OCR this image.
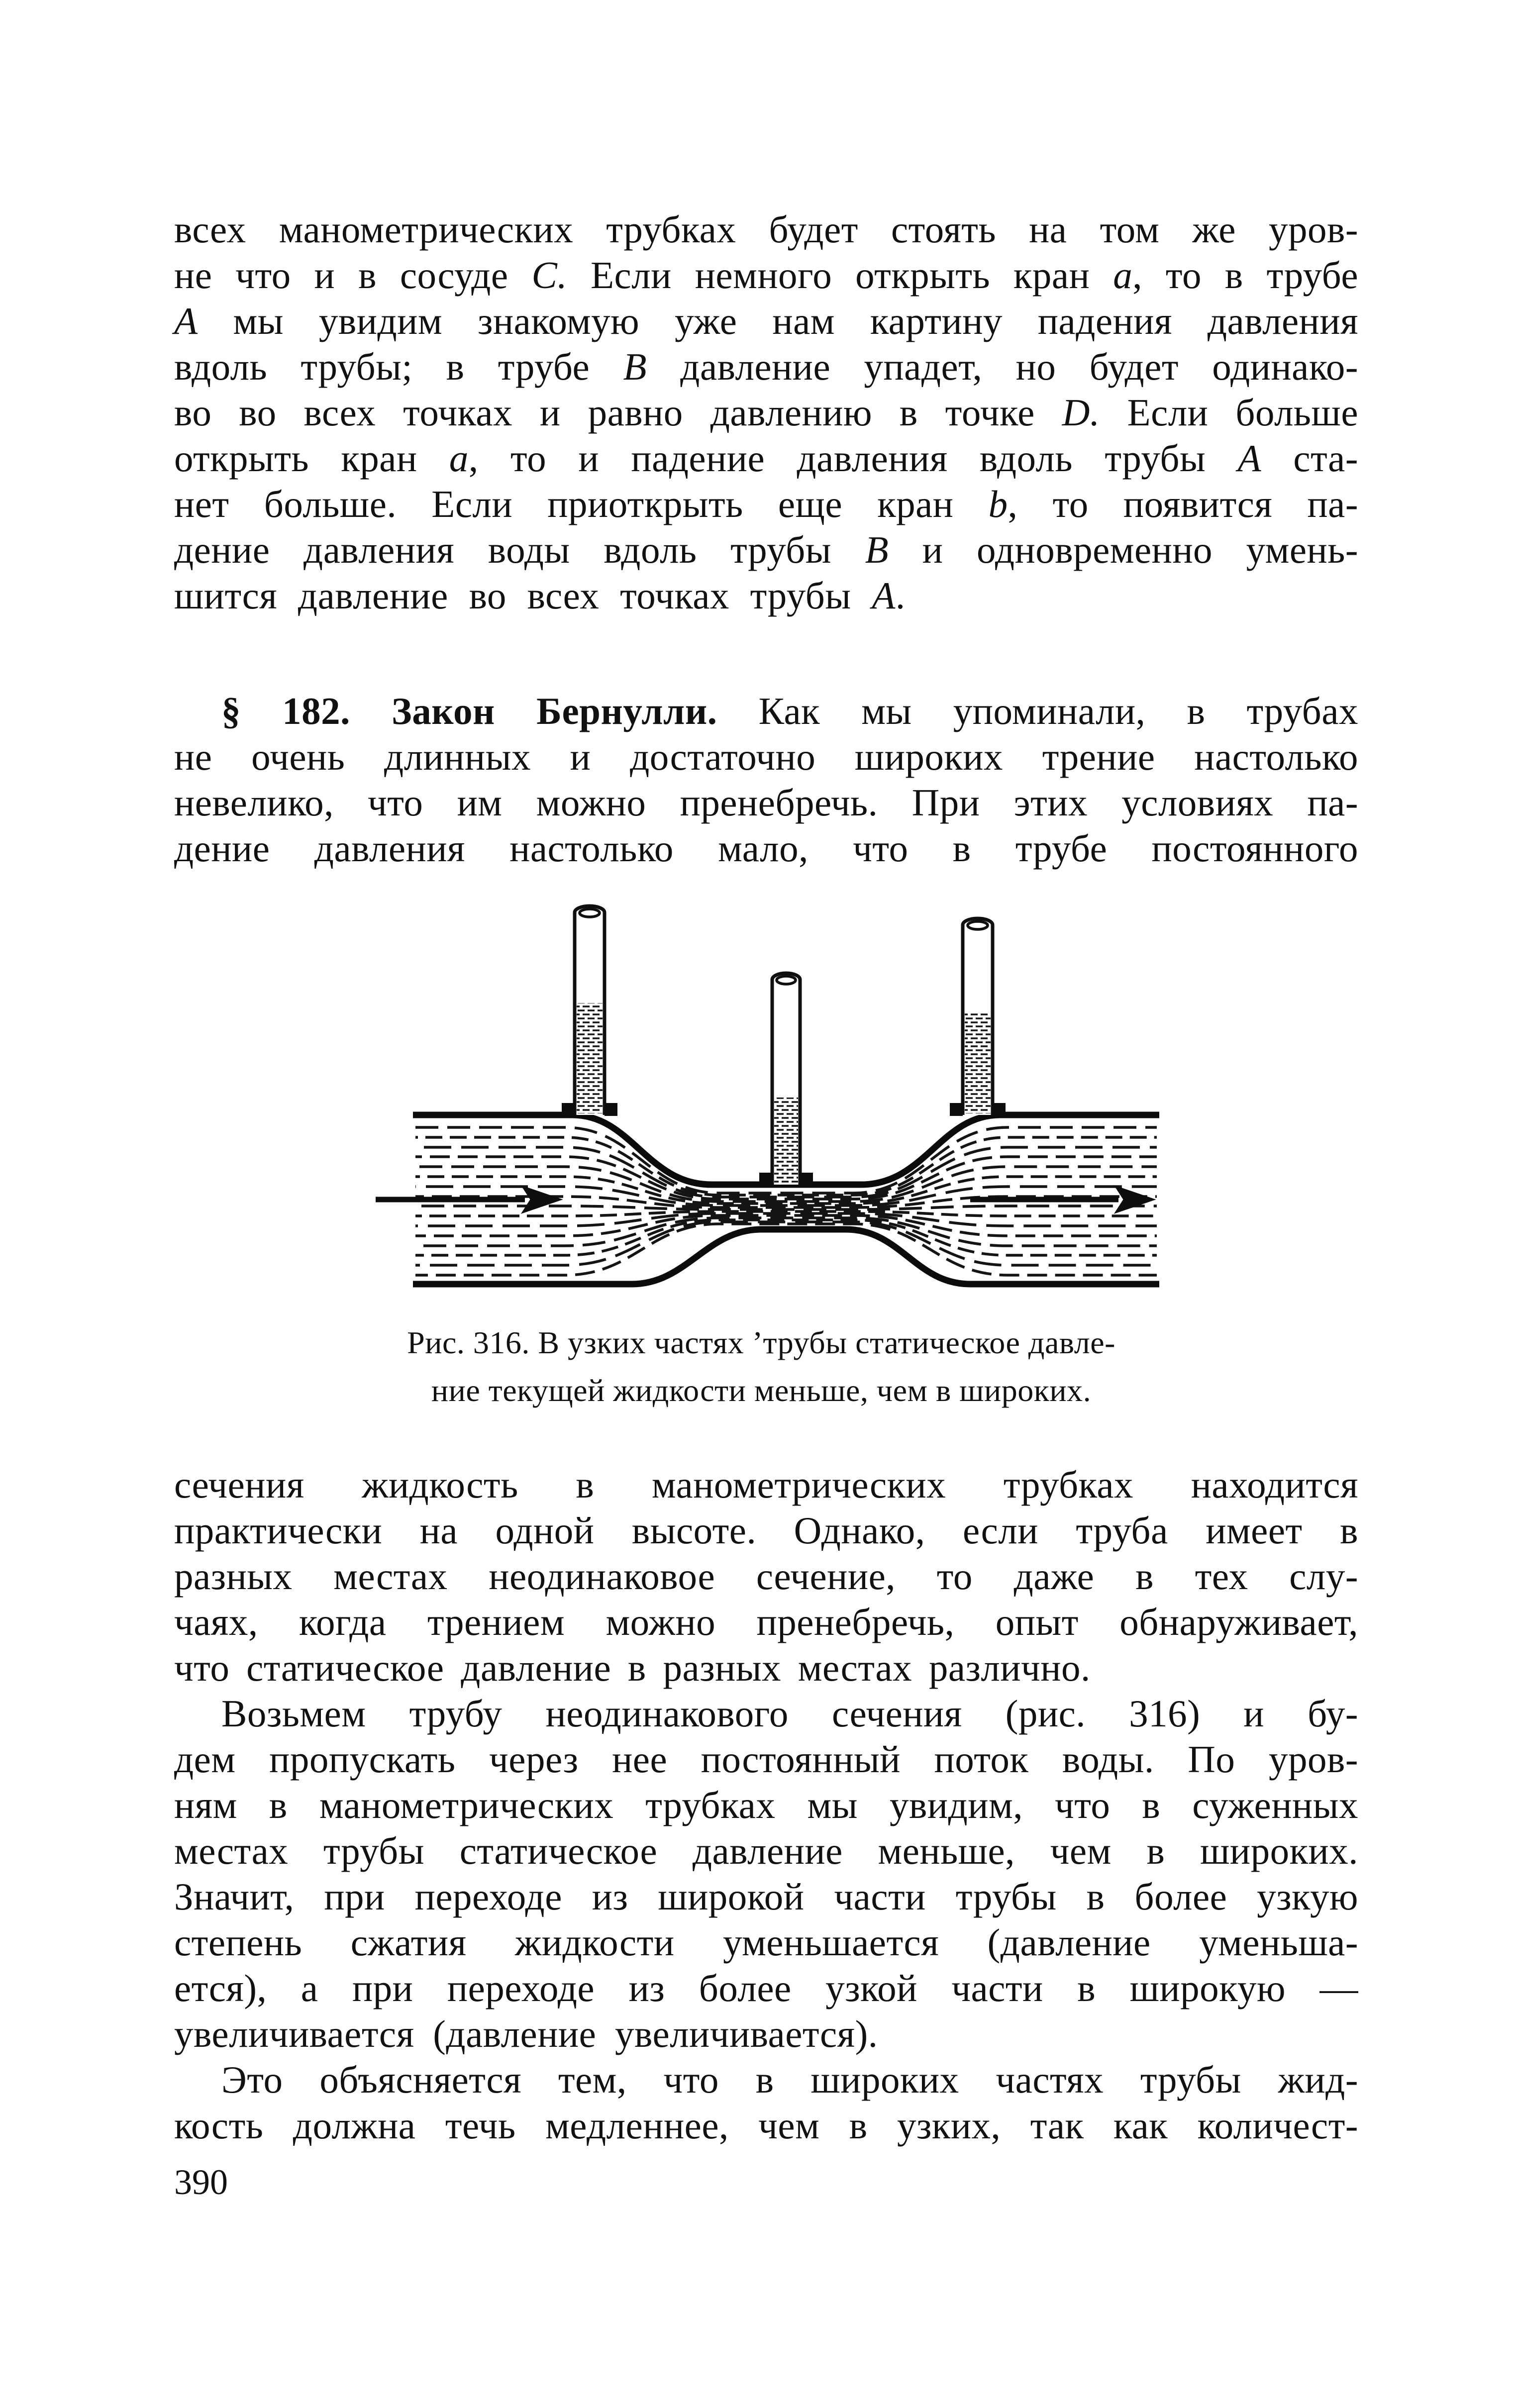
всех манометрических трубках будет стоять на том же уров-
не что и в сосуде C. Если немного открыть кран a, то в трубе
A мы увидим знакомую уже нам картину падения давления
вдоль трубы; в трубе B давление упадет, но будет одинако-
во во всех точках и равно давлению в точке D. Если больше
открыть кран a, то и падение давления вдоль трубы A ста-
нет больше. Если приоткрыть еще кран b, то появится па-
дение давления воды вдоль трубы B и одновременно умень-
шится давление во всех точках трубы A.
§ 182. Закон Бернулли. Как мы упоминали, в трубах
не очень длинных и достаточно широких трение настолько
невелико, что им можно пренебречь. При этих условиях па-
дение давления настолько мало, что в трубе постоянного
Рис. 316. В узких частях ’трубы статическое давле-
ние текущей жидкости меньше, чем в широких.
сечения жидкость в манометрических трубках находится
практически на одной высоте. Однако, если труба имеет в
разных местах неодинаковое сечение, то даже в тех слу-
чаях, когда трением можно пренебречь, опыт обнаруживает,
что статическое давление в разных местах различно.
Возьмем трубу неодинакового сечения (рис. 316) и бу-
дем пропускать через нее постоянный поток воды. По уров-
ням в манометрических трубках мы увидим, что в суженных
местах трубы статическое давление меньше, чем в широких.
Значит, при переходе из широкой части трубы в более узкую
степень сжатия жидкости уменьшается (давление уменьша-
ется), а при переходе из более узкой части в широкую —
увеличивается (давление увеличивается).
Это объясняется тем, что в широких частях трубы жид-
кость должна течь медленнее, чем в узких, так как количест-
390
